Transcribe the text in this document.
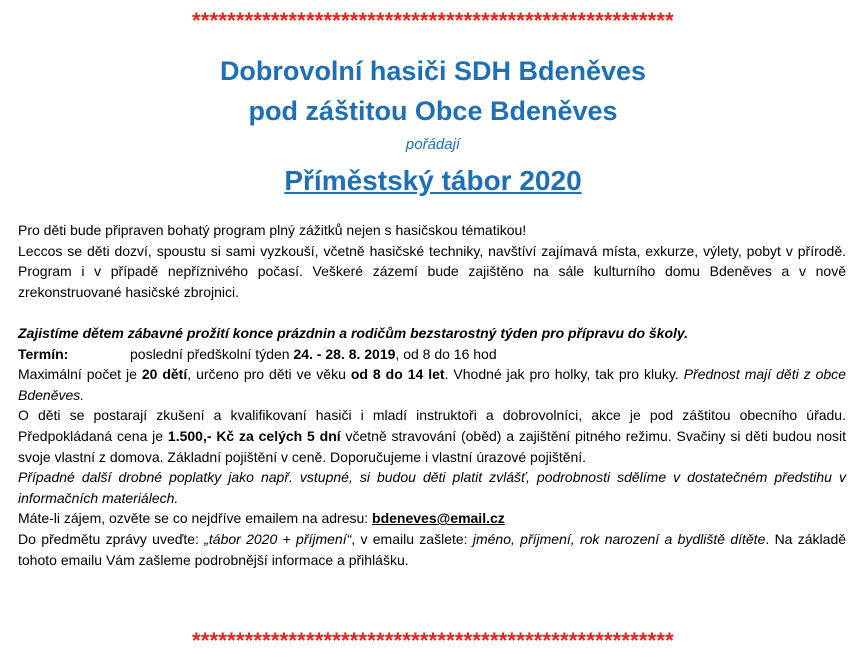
*******************************************************
Dobrovolní hasiči SDH Bdeněves
pod záštitou Obce Bdeněves
pořádají
Příměstský tábor 2020

Pro děti bude připraven bohatý program plný zážitků nejen s hasičskou tématikou!

Leccos se děti dozví, spoustu si sami vyzkouší, včetně hasičské techniky, navštíví zajímavá místa, exkurze, výlety, pobyt v přírodě. Program i v případě nepříznivého počasí. Veškeré zázemí bude zajištěno na sále kulturního domu Bdeněves a v nově zrekonstruované hasičské zbrojnici.

Zajistíme dětem zábavné prožití konce prázdnin a rodičům bezstarostný týden pro přípravu do školy.

Termín:	poslední předškolní týden 24. - 28. 8. 2019, od 8 do 16 hod

Maximální počet je 20 dětí, určeno pro děti ve věku od 8 do 14 let. Vhodné jak pro holky, tak pro kluky. Přednost mají děti z obce Bdeněves.

O děti se postarají zkušení a kvalifikovaní hasiči i mladí instruktoři a dobrovolníci, akce je pod záštitou obecního úřadu. Předpokládaná cena je 1.500,- Kč za celých 5 dní včetně stravování (oběd) a zajištění pitného režimu. Svačiny si děti budou nosit svoje vlastní z domova. Základní pojištění v ceně. Doporučujeme i vlastní úrazové pojištění.

Případné další drobné poplatky jako např. vstupné, si budou děti platit zvlášť, podrobnosti sdělíme v dostatečném předstihu v informačních materiálech.

Máte-li zájem, ozvěte se co nejdříve emailem na adresu: bdeneves@email.cz

Do předmětu zprávy uveďte: „tábor 2020 + příjmení“, v emailu zašlete: jméno, příjmení, rok narození a bydliště dítěte. Na základě tohoto emailu Vám zašleme podrobnější informace a přihlášku.

*******************************************************
